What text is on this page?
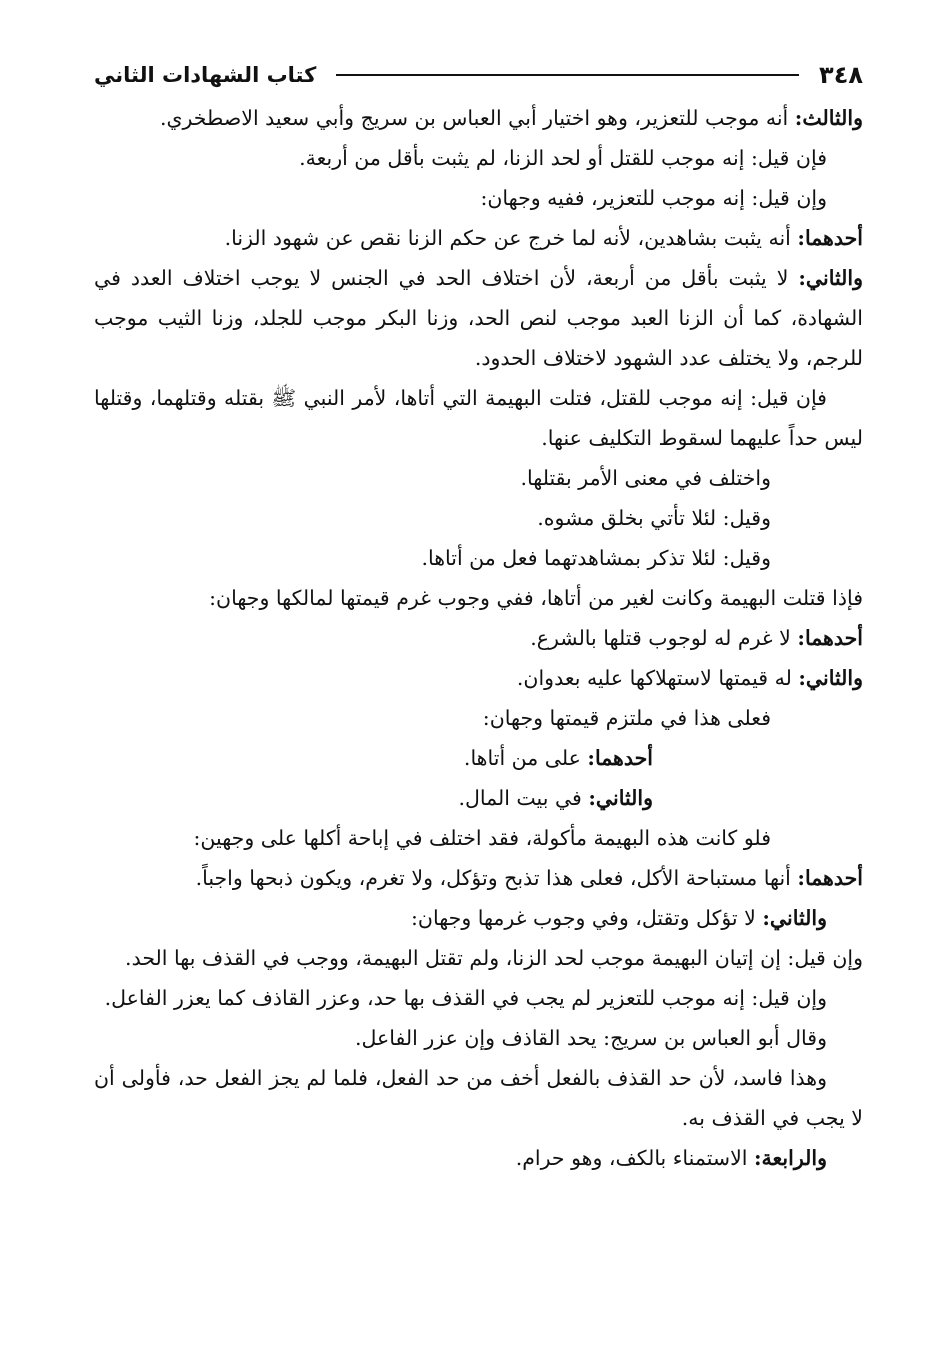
٣٤٨
كتاب الشهادات الثاني

والثالث: أنه موجب للتعزير، وهو اختيار أبي العباس بن سريج وأبي سعيد الاصطخري.

فإن قيل: إنه موجب للقتل أو لحد الزنا، لم يثبت بأقل من أربعة.

وإن قيل: إنه موجب للتعزير، ففيه وجهان:

أحدهما: أنه يثبت بشاهدين، لأنه لما خرج عن حكم الزنا نقص عن شهود الزنا.

والثاني: لا يثبت بأقل من أربعة، لأن اختلاف الحد في الجنس لا يوجب اختلاف العدد في الشهادة، كما أن الزنا العبد موجب لنص الحد، وزنا البكر موجب للجلد، وزنا الثيب موجب للرجم، ولا يختلف عدد الشهود لاختلاف الحدود.

فإن قيل: إنه موجب للقتل، فتلت البهيمة التي أتاها، لأمر النبي ﷺ بقتله وقتلهما، وقتلها ليس حداً عليهما لسقوط التكليف عنها.

واختلف في معنى الأمر بقتلها.

وقيل: لئلا تأتي بخلق مشوه.

وقيل: لئلا تذكر بمشاهدتهما فعل من أتاها.

فإذا قتلت البهيمة وكانت لغير من أتاها، ففي وجوب غرم قيمتها لمالكها وجهان:

أحدهما: لا غرم له لوجوب قتلها بالشرع.

والثاني: له قيمتها لاستهلاكها عليه بعدوان.

فعلى هذا في ملتزم قيمتها وجهان:

أحدهما: على من أتاها.

والثاني: في بيت المال.

فلو كانت هذه البهيمة مأكولة، فقد اختلف في إباحة أكلها على وجهين:

أحدهما: أنها مستباحة الأكل، فعلى هذا تذبح وتؤكل، ولا تغرم، ويكون ذبحها واجباً.

والثاني: لا تؤكل وتقتل، وفي وجوب غرمها وجهان:

وإن قيل: إن إتيان البهيمة موجب لحد الزنا، ولم تقتل البهيمة، ووجب في القذف بها الحد.

وإن قيل: إنه موجب للتعزير لم يجب في القذف بها حد، وعزر القاذف كما يعزر الفاعل.

وقال أبو العباس بن سريج: يحد القاذف وإن عزر الفاعل.

وهذا فاسد، لأن حد القذف بالفعل أخف من حد الفعل، فلما لم يجز الفعل حد، فأولى أن لا يجب في القذف به.

والرابعة: الاستمناء بالكف، وهو حرام.
